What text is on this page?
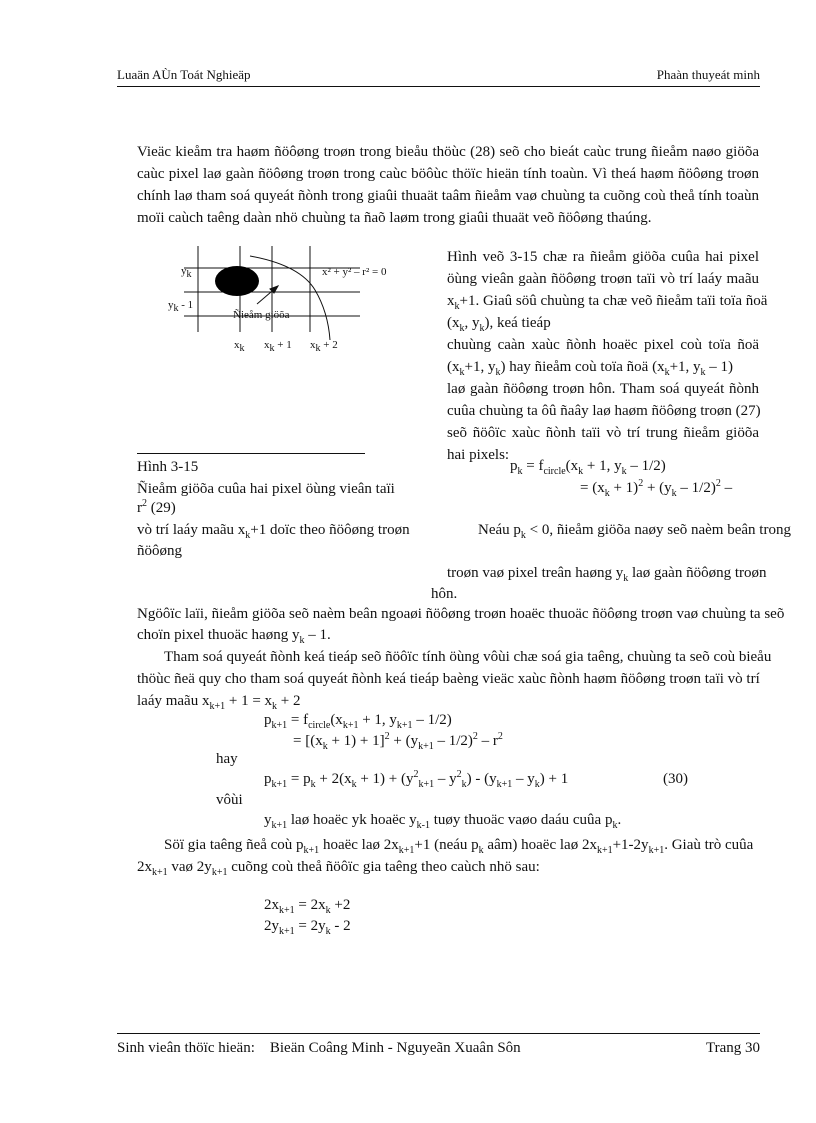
Luaän AÙn Toát Nghieäp	Phaàn thuyeát minh
Vieäc kieåm tra haøm ñöôøng troøn trong bieåu thöùc (28) seõ cho bieát caùc trung ñieåm naøo giöõa
caùc pixel laø gaàn ñöôøng troøn trong caùc böôùc thöïc hieän tính toaùn. Vì theá haøm ñöôøng troøn
chính laø tham soá quyeát ñònh trong giaûi thuaät taâm ñieåm vaø chuùng ta cuõng coù theå tính toaùn
moïi caùch taêng daàn nhö chuùng ta ñaõ laøm trong giaûi thuaät veõ ñöôøng thaúng.
$y_k$
$y_k - 1$
x² + y² – r² = 0
Ñieåm giöõa
$x_k$ $x_k + 1$ $x_k + 2$
Hình veõ 3-15 chæ ra ñieåm giöõa cuûa hai pixel
öùng vieân gaàn ñöôøng troøn taïi vò trí laáy maãu
$x_k+1$. Giaû söû chuùng ta chæ veõ ñieåm taïi toïa ñoä
($x_k$, $y_k$), keá tieáp
chuùng caàn xaùc ñònh hoaëc pixel coù toïa ñoä
($x_k+1$, $y_k$) hay ñieåm coù toïa ñoä ($x_k+1$, $y_k - 1$)
laø gaàn ñöôøng troøn hôn. Tham soá quyeát ñònh
cuûa chuùng ta ôû ñaây laø haøm ñöôøng troøn (27)
seõ ñöôïc xaùc ñònh taïi vò trí trung ñieåm giöõa
hai pixels:
Hình 3-15
Ñieåm giöõa cuûa hai pixel öùng vieân taïi
$r^2$ (29)
vò trí laáy maãu $x_k+1$ doïc theo ñöôøng troøn
ñöôøng
$p_k = f_{circle}(x_k + 1$, $y_k - 1/2$)
= $(x_k + 1)^2 + (y_k - 1/2)^2$ –
Neáu $p_k < 0$, ñieåm giöõa naøy seõ naèm beân trong
troøn vaø pixel treân haøng $y_k$ laø gaàn ñöôøng troøn
hôn.
Ngöôïc laïi, ñieåm giöõa seõ naèm beân ngoaøi ñöôøng troøn hoaëc thuoäc ñöôøng troøn vaø chuùng ta seõ
choïn pixel thuoäc haøng $y_k - 1$.
Tham soá quyeát ñònh keá tieáp seõ ñöôïc tính öùng vôùi chæ soá gia taêng, chuùng ta seõ coù bieåu
thöùc ñeä quy cho tham soá quyeát ñònh keá tieáp baèng vieäc xaùc ñònh haøm ñöôøng troøn taïi vò trí
laáy maãu $x_{k+1} + 1 = x_k + 2$
$p_{k+1} = f_{circle}(x_{k+1} + 1$, $y_{k+1} - 1/2$)
= $[(x_k + 1) + 1]^2 + (y_{k+1} - 1/2)^2 - r^2$
hay
$p_{k+1} = p_k + 2(x_k + 1) + (y^2_{k+1} - y^2_k) - (y_{k+1} - y_k) + 1$	(30)
vôùi
$y_{k+1}$ laø hoaëc yk hoaëc $y_{k-1}$ tuøy thuoäc vaøo daáu cuûa $p_k$.
Söï gia taêng ñeå coù $p_{k+1}$ hoaëc laø $2x_{k+1}+1$ (neáu $p_k$ aâm) hoaëc laø $2x_{k+1}+1-2y_{k+1}$. Giaù trò cuûa
$2x_{k+1}$ vaø $2y_{k+1}$ cuõng coù theå ñöôïc gia taêng theo caùch nhö sau:
$2x_{k+1} = 2x_k +2$
$2y_{k+1} = 2y_k - 2$
Sinh vieân thöïc hieän:    Bieän Coâng Minh - Nguyeãn Xuaân Sôn	Trang 30
